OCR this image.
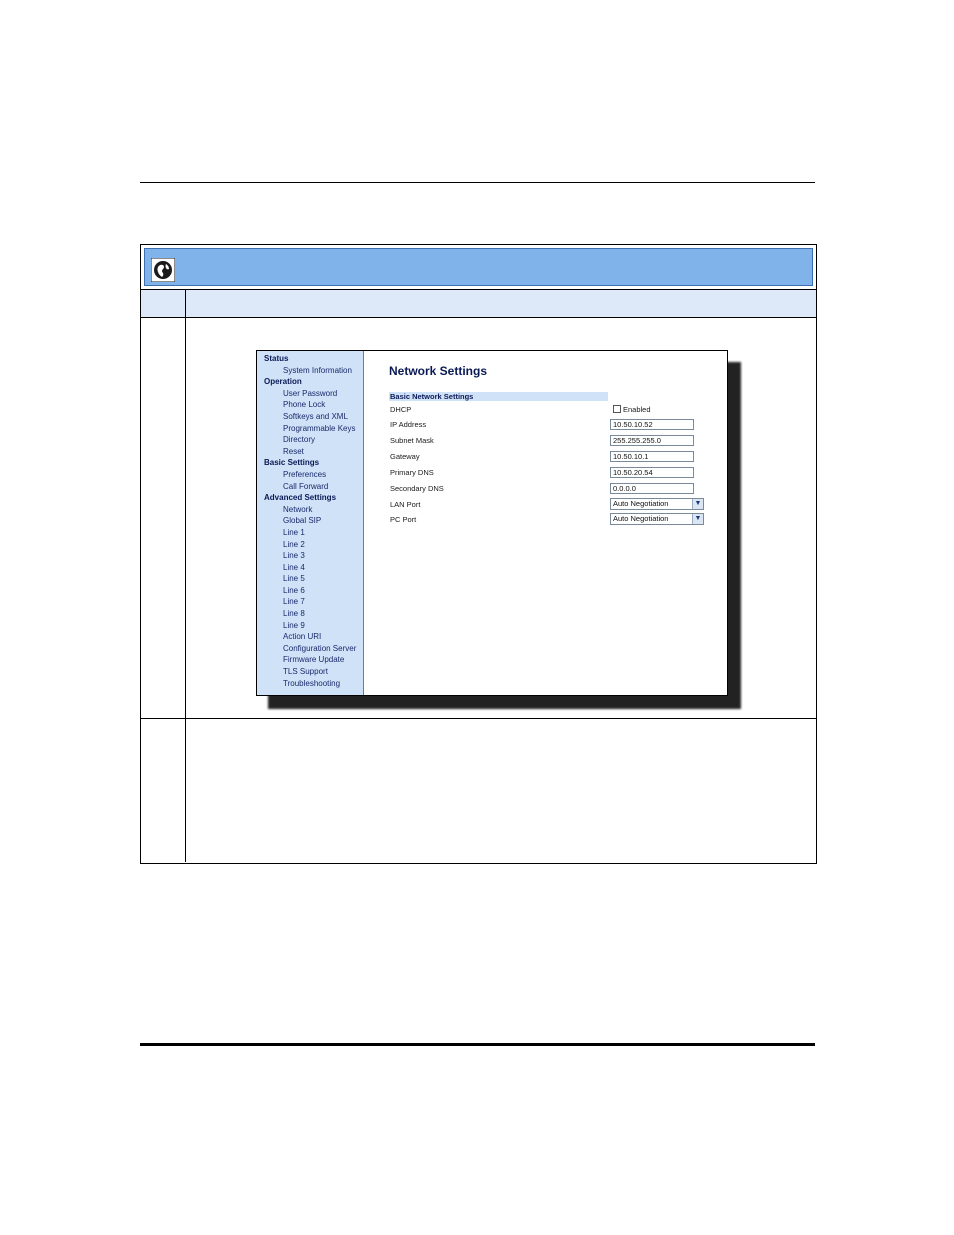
Status
System Information
Operation
User Password
Phone Lock
Softkeys and XML
Programmable Keys
Directory
Reset
Basic Settings
Preferences
Call Forward
Advanced Settings
Network
Global SIP
Line 1
Line 2
Line 3
Line 4
Line 5
Line 6
Line 7
Line 8
Line 9
Action URI
Configuration Server
Firmware Update
TLS Support
Troubleshooting
Network Settings
Basic Network Settings
DHCP	Enabled
IP Address	10.50.10.52
Subnet Mask	255.255.255.0
Gateway	10.50.10.1
Primary DNS	10.50.20.54
Secondary DNS	0.0.0.0
LAN Port	Auto Negotiation	▼
PC Port	Auto Negotiation	▼
